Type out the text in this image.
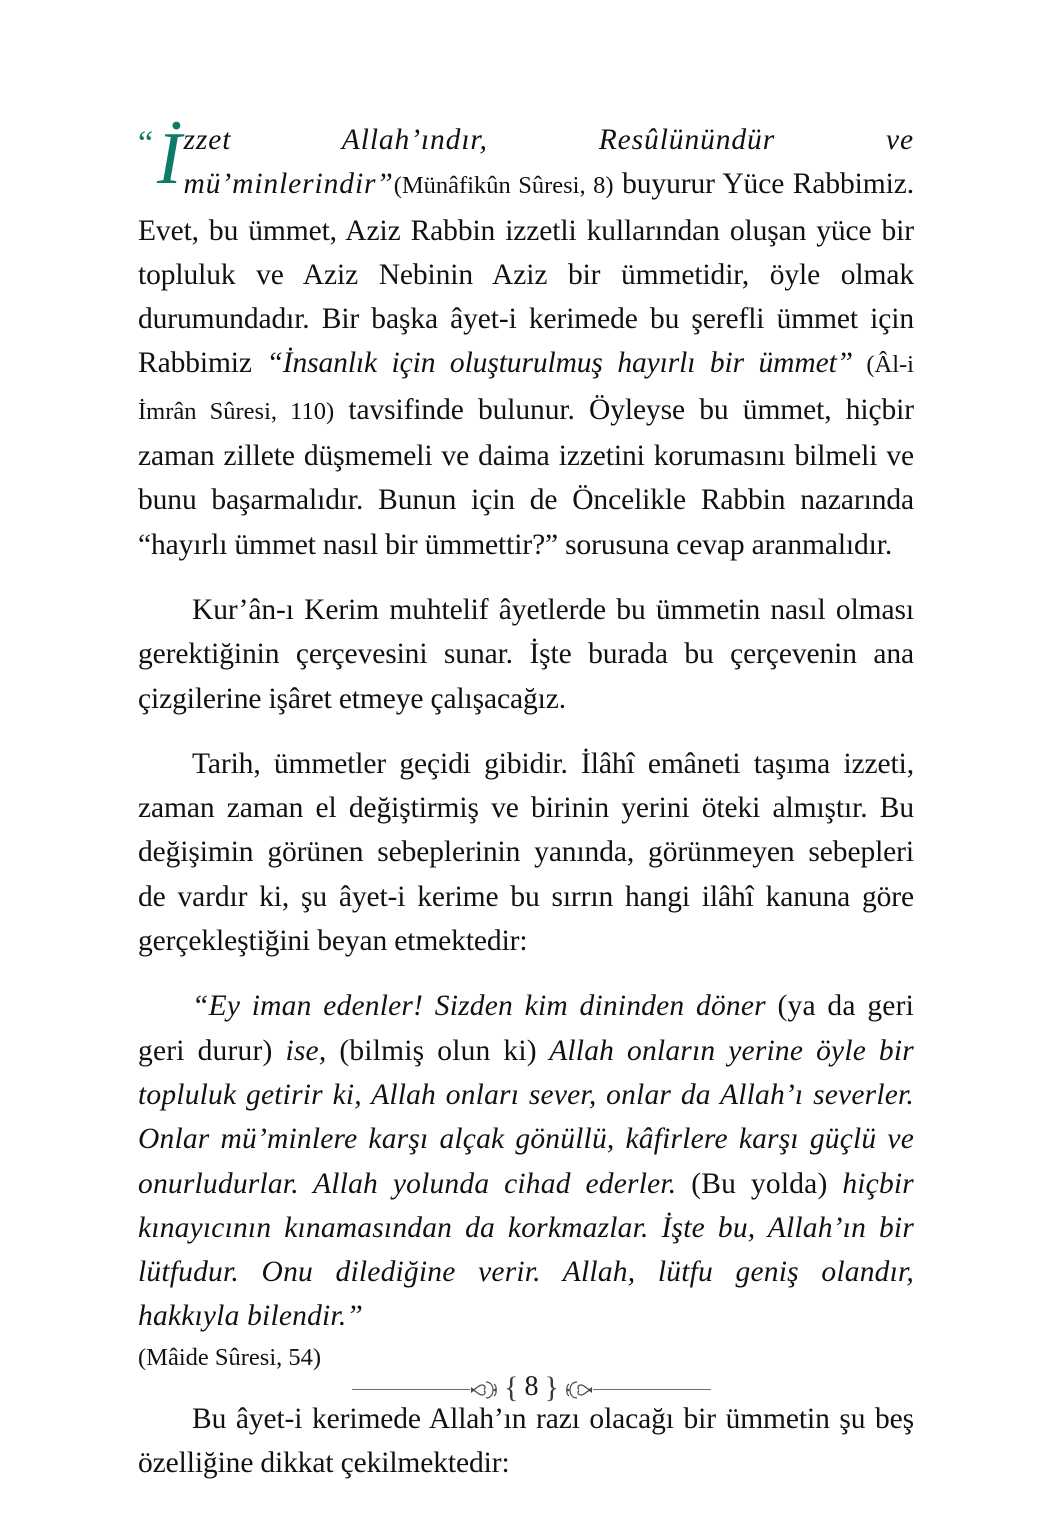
“ İ zzet Allah’ındır, Resûlünündür ve mü’minlerindir”(Münâfikûn Sûresi, 8) buyurur Yüce Rabbimiz. Evet, bu ümmet, Aziz Rabbin izzetli kullarından oluşan yüce bir topluluk ve Aziz Nebinin Aziz bir ümmetidir, öyle olmak durumundadır. Bir başka âyet-i kerimede bu şerefli ümmet için Rabbimiz “İnsanlık için oluşturulmuş hayırlı bir ümmet” (Âl-i İmrân Sûresi, 110) tavsifinde bulunur. Öyleyse bu ümmet, hiçbir zaman zillete düşmemeli ve daima izzetini korumasını bilmeli ve bunu başarmalıdır. Bunun için de Öncelikle Rabbin nazarında “hayırlı ümmet nasıl bir ümmettir?” sorusuna cevap aranmalıdır.

Kur’ân-ı Kerim muhtelif âyetlerde bu ümmetin nasıl olması gerektiğinin çerçevesini sunar. İşte burada bu çerçevenin ana çizgilerine işâret etmeye çalışacağız.

Tarih, ümmetler geçidi gibidir. İlâhî emâneti taşıma izzeti, zaman zaman el değiştirmiş ve birinin yerini öteki almıştır. Bu değişimin görünen sebeplerinin yanında, görünmeyen sebepleri de vardır ki, şu âyet-i kerime bu sırrın hangi ilâhî kanuna göre gerçekleştiğini beyan etmektedir:

“Ey iman edenler! Sizden kim dininden döner (ya da geri geri durur) ise, (bilmiş olun ki) Allah onların yerine öyle bir topluluk getirir ki, Allah onları sever, onlar da Allah’ı severler. Onlar mü’minlere karşı alçak gönüllü, kâfirlere karşı güçlü ve onurludurlar. Allah yolunda cihad ederler. (Bu yolda) hiçbir kınayıcının kınamasından da korkmazlar. İşte bu, Allah’ın bir lütfudur. Onu dilediğine verir. Allah, lütfu geniş olandır, hakkıyla bilendir.”

(Mâide Sûresi, 54)

Bu âyet-i kerimede Allah’ın razı olacağı bir ümmetin şu beş özelliğine dikkat çekilmektedir:

{ 8 }
